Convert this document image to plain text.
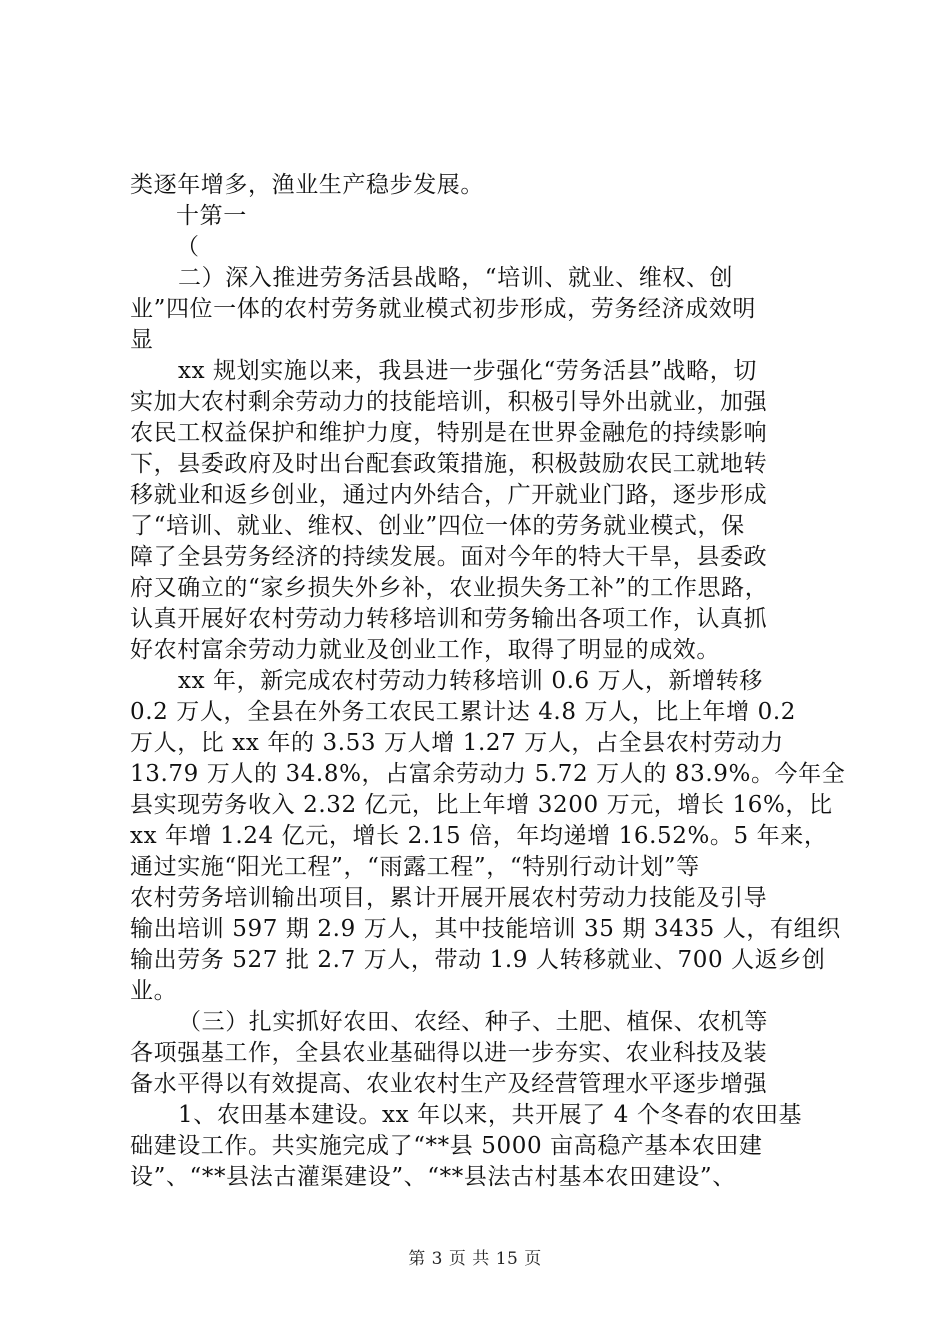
类逐年增多，渔业生产稳步发展。
十第一
（
二）深入推进劳务活县战略，“培训、就业、维权、创
业”四位一体的农村劳务就业模式初步形成，劳务经济成效明
显
xx 规划实施以来，我县进一步强化“劳务活县”战略，切
实加大农村剩余劳动力的技能培训，积极引导外出就业，加强
农民工权益保护和维护力度，特别是在世界金融危的持续影响
下，县委政府及时出台配套政策措施，积极鼓励农民工就地转
移就业和返乡创业，通过内外结合，广开就业门路，逐步形成
了“培训、就业、维权、创业”四位一体的劳务就业模式，保
障了全县劳务经济的持续发展。面对今年的特大干旱，县委政
府又确立的“家乡损失外乡补，农业损失务工补”的工作思路，
认真开展好农村劳动力转移培训和劳务输出各项工作，认真抓
好农村富余劳动力就业及创业工作，取得了明显的成效。
xx 年，新完成农村劳动力转移培训 0.6 万人，新增转移
0.2 万人，全县在外务工农民工累计达 4.8 万人，比上年增 0.2
万人，比 xx 年的 3.53 万人增 1.27 万人，占全县农村劳动力
13.79 万人的 34.8%，占富余劳动力 5.72 万人的 83.9%。今年全
县实现劳务收入 2.32 亿元，比上年增 3200 万元，增长 16%，比
xx 年增 1.24 亿元，增长 2.15 倍，年均递增 16.52%。5 年来，
通过实施“阳光工程”，“雨露工程”，“特别行动计划”等
农村劳务培训输出项目，累计开展开展农村劳动力技能及引导
输出培训 597 期 2.9 万人，其中技能培训 35 期 3435 人，有组织
输出劳务 527 批 2.7 万人，带动 1.9 人转移就业、700 人返乡创
业。
（三）扎实抓好农田、农经、种子、土肥、植保、农机等
各项强基工作，全县农业基础得以进一步夯实、农业科技及装
备水平得以有效提高、农业农村生产及经营管理水平逐步增强
1、农田基本建设。xx 年以来，共开展了 4 个冬春的农田基
础建设工作。共实施完成了“**县 5000 亩高稳产基本农田建
设”、“**县法古灌渠建设”、“**县法古村基本农田建设”、
第 3 页 共 15 页
